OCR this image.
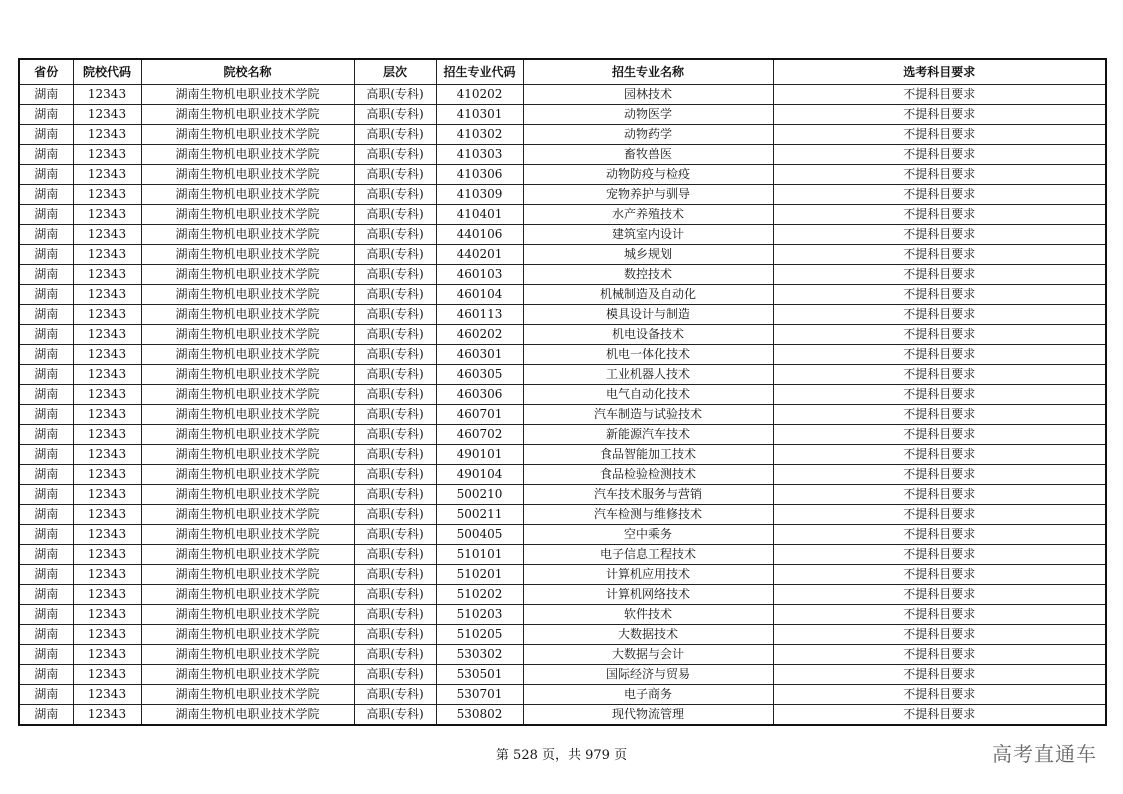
省份	院校代码	院校名称	层次	招生专业代码	招生专业名称	选考科目要求
湖南	12343	湖南生物机电职业技术学院	高职(专科)	410202	园林技术	不提科目要求
湖南	12343	湖南生物机电职业技术学院	高职(专科)	410301	动物医学	不提科目要求
湖南	12343	湖南生物机电职业技术学院	高职(专科)	410302	动物药学	不提科目要求
湖南	12343	湖南生物机电职业技术学院	高职(专科)	410303	畜牧兽医	不提科目要求
湖南	12343	湖南生物机电职业技术学院	高职(专科)	410306	动物防疫与检疫	不提科目要求
湖南	12343	湖南生物机电职业技术学院	高职(专科)	410309	宠物养护与驯导	不提科目要求
湖南	12343	湖南生物机电职业技术学院	高职(专科)	410401	水产养殖技术	不提科目要求
湖南	12343	湖南生物机电职业技术学院	高职(专科)	440106	建筑室内设计	不提科目要求
湖南	12343	湖南生物机电职业技术学院	高职(专科)	440201	城乡规划	不提科目要求
湖南	12343	湖南生物机电职业技术学院	高职(专科)	460103	数控技术	不提科目要求
湖南	12343	湖南生物机电职业技术学院	高职(专科)	460104	机械制造及自动化	不提科目要求
湖南	12343	湖南生物机电职业技术学院	高职(专科)	460113	模具设计与制造	不提科目要求
湖南	12343	湖南生物机电职业技术学院	高职(专科)	460202	机电设备技术	不提科目要求
湖南	12343	湖南生物机电职业技术学院	高职(专科)	460301	机电一体化技术	不提科目要求
湖南	12343	湖南生物机电职业技术学院	高职(专科)	460305	工业机器人技术	不提科目要求
湖南	12343	湖南生物机电职业技术学院	高职(专科)	460306	电气自动化技术	不提科目要求
湖南	12343	湖南生物机电职业技术学院	高职(专科)	460701	汽车制造与试验技术	不提科目要求
湖南	12343	湖南生物机电职业技术学院	高职(专科)	460702	新能源汽车技术	不提科目要求
湖南	12343	湖南生物机电职业技术学院	高职(专科)	490101	食品智能加工技术	不提科目要求
湖南	12343	湖南生物机电职业技术学院	高职(专科)	490104	食品检验检测技术	不提科目要求
湖南	12343	湖南生物机电职业技术学院	高职(专科)	500210	汽车技术服务与营销	不提科目要求
湖南	12343	湖南生物机电职业技术学院	高职(专科)	500211	汽车检测与维修技术	不提科目要求
湖南	12343	湖南生物机电职业技术学院	高职(专科)	500405	空中乘务	不提科目要求
湖南	12343	湖南生物机电职业技术学院	高职(专科)	510101	电子信息工程技术	不提科目要求
湖南	12343	湖南生物机电职业技术学院	高职(专科)	510201	计算机应用技术	不提科目要求
湖南	12343	湖南生物机电职业技术学院	高职(专科)	510202	计算机网络技术	不提科目要求
湖南	12343	湖南生物机电职业技术学院	高职(专科)	510203	软件技术	不提科目要求
湖南	12343	湖南生物机电职业技术学院	高职(专科)	510205	大数据技术	不提科目要求
湖南	12343	湖南生物机电职业技术学院	高职(专科)	530302	大数据与会计	不提科目要求
湖南	12343	湖南生物机电职业技术学院	高职(专科)	530501	国际经济与贸易	不提科目要求
湖南	12343	湖南生物机电职业技术学院	高职(专科)	530701	电子商务	不提科目要求
湖南	12343	湖南生物机电职业技术学院	高职(专科)	530802	现代物流管理	不提科目要求
第 528 页，共 979 页	高考直通车
